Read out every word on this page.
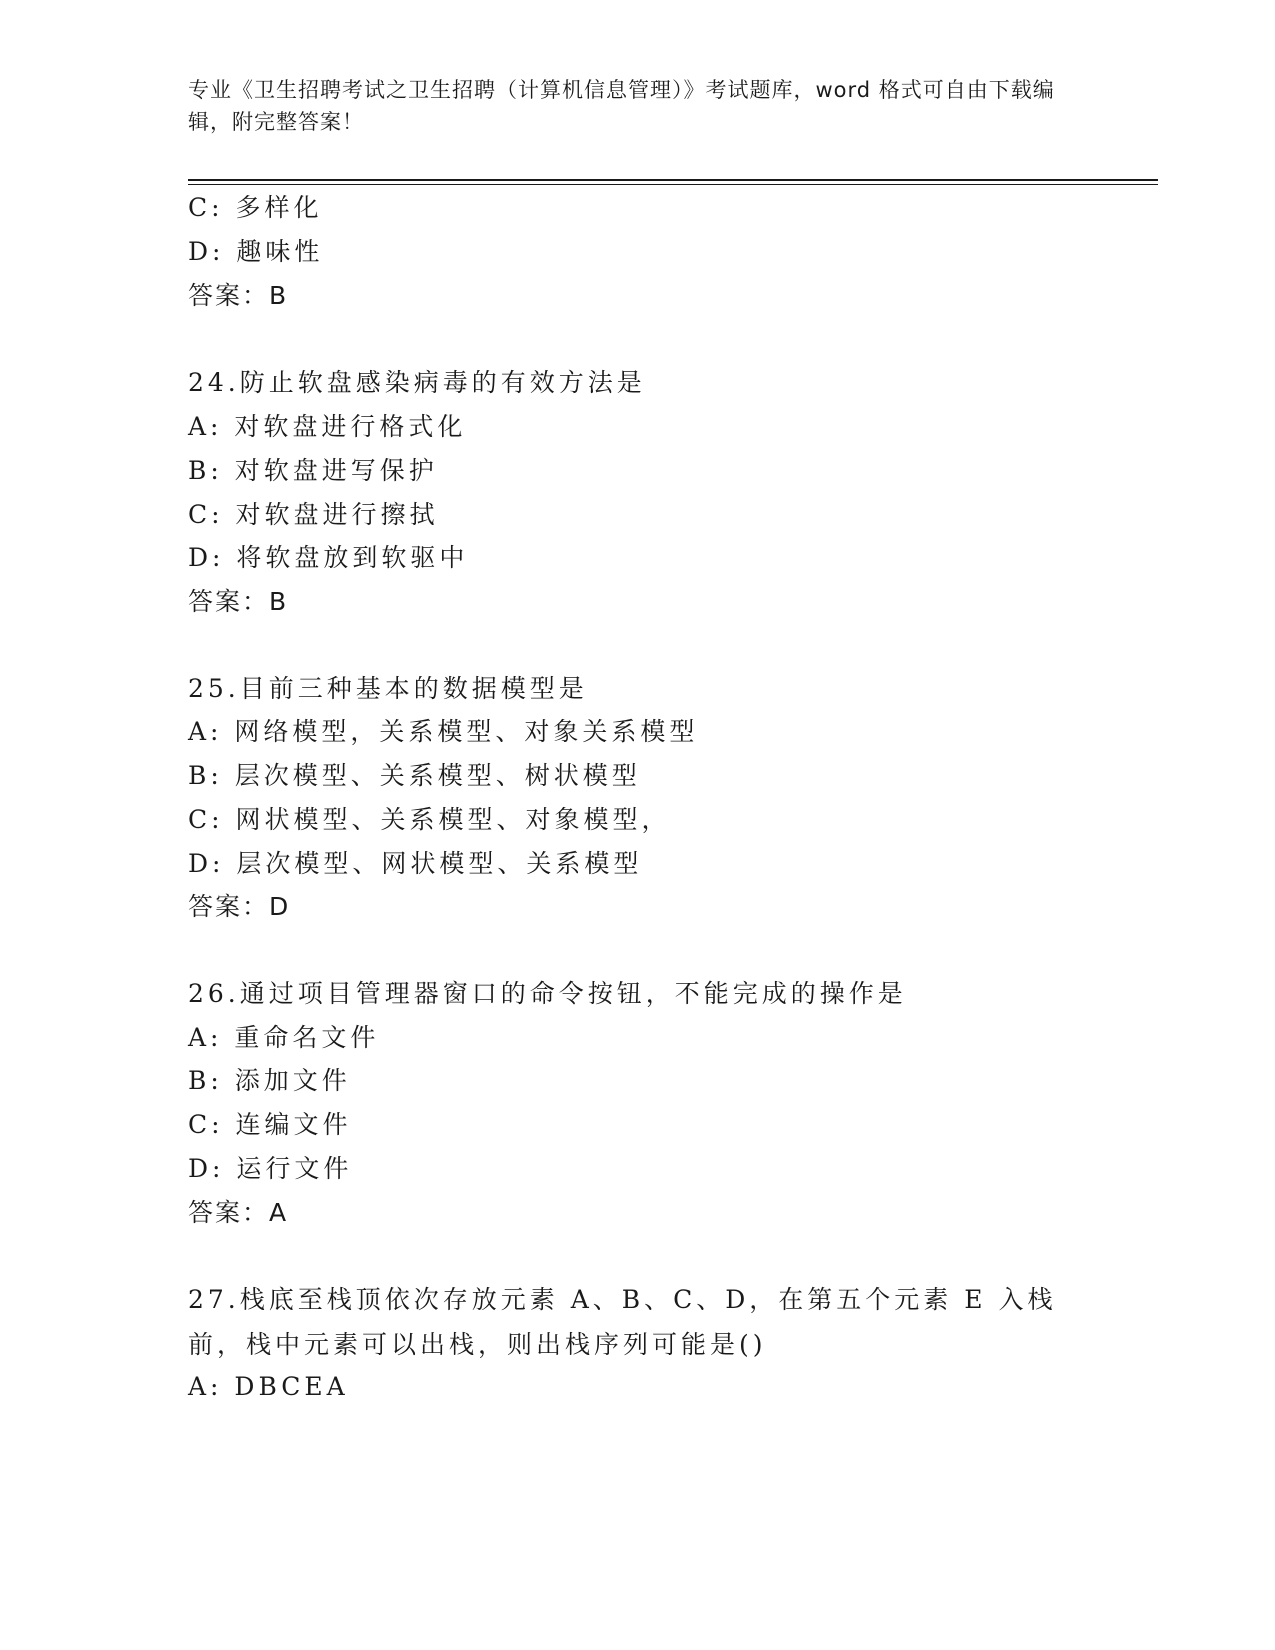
专业《卫生招聘考试之卫生招聘（计算机信息管理）》考试题库，word 格式可自由下载编辑，附完整答案！
C: 多样化
D: 趣味性
答案：B
24.防止软盘感染病毒的有效方法是
A: 对软盘进行格式化
B: 对软盘进写保护
C: 对软盘进行擦拭
D: 将软盘放到软驱中
答案：B
25.目前三种基本的数据模型是
A: 网络模型，关系模型、对象关系模型
B: 层次模型、关系模型、树状模型
C: 网状模型、关系模型、对象模型，
D: 层次模型、网状模型、关系模型
答案：D
26.通过项目管理器窗口的命令按钮，不能完成的操作是
A: 重命名文件
B: 添加文件
C: 连编文件
D: 运行文件
答案：A
27.栈底至栈顶依次存放元素 A、B、C、D，在第五个元素 E 入栈前，栈中元素可以出栈，则出栈序列可能是()
A: DBCEA
